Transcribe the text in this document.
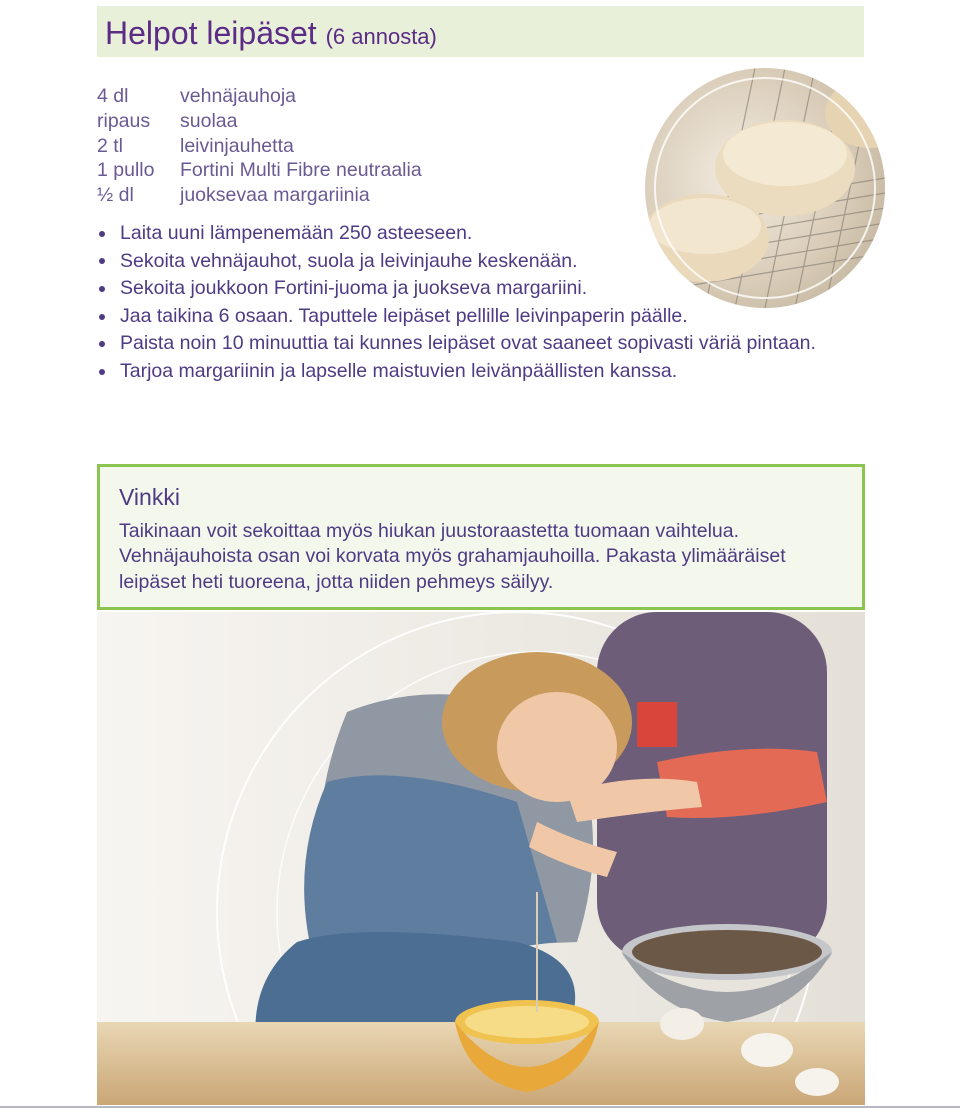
Helpot leipäset (6 annosta)
4 dl	vehnäjauhoja
ripaus	suolaa
2 tl	leivinjauhetta
1 pullo	Fortini Multi Fibre neutraalia
½ dl	juoksevaa margariinia
Laita uuni lämpenemään 250 asteeseen.
Sekoita vehnäjauhot, suola ja leivinjauhe keskenään.
Sekoita joukkoon Fortini-juoma ja juokseva margariini.
Jaa taikina 6 osaan. Taputtele leipäset pellille leivinpaperin päälle.
Paista noin 10 minuuttia tai kunnes leipäset ovat saaneet sopivasti väriä pintaan.
Tarjoa margariinin ja lapselle maistuvien leivänpäällisten kanssa.
Vinkki
Taikinaan voit sekoittaa myös hiukan juustoraastetta tuomaan vaihtelua.
Vehnäjauhoista osan voi korvata myös grahamjauhoilla. Pakasta ylimääräiset
leipäset heti tuoreena, jotta niiden pehmeys säilyy.
